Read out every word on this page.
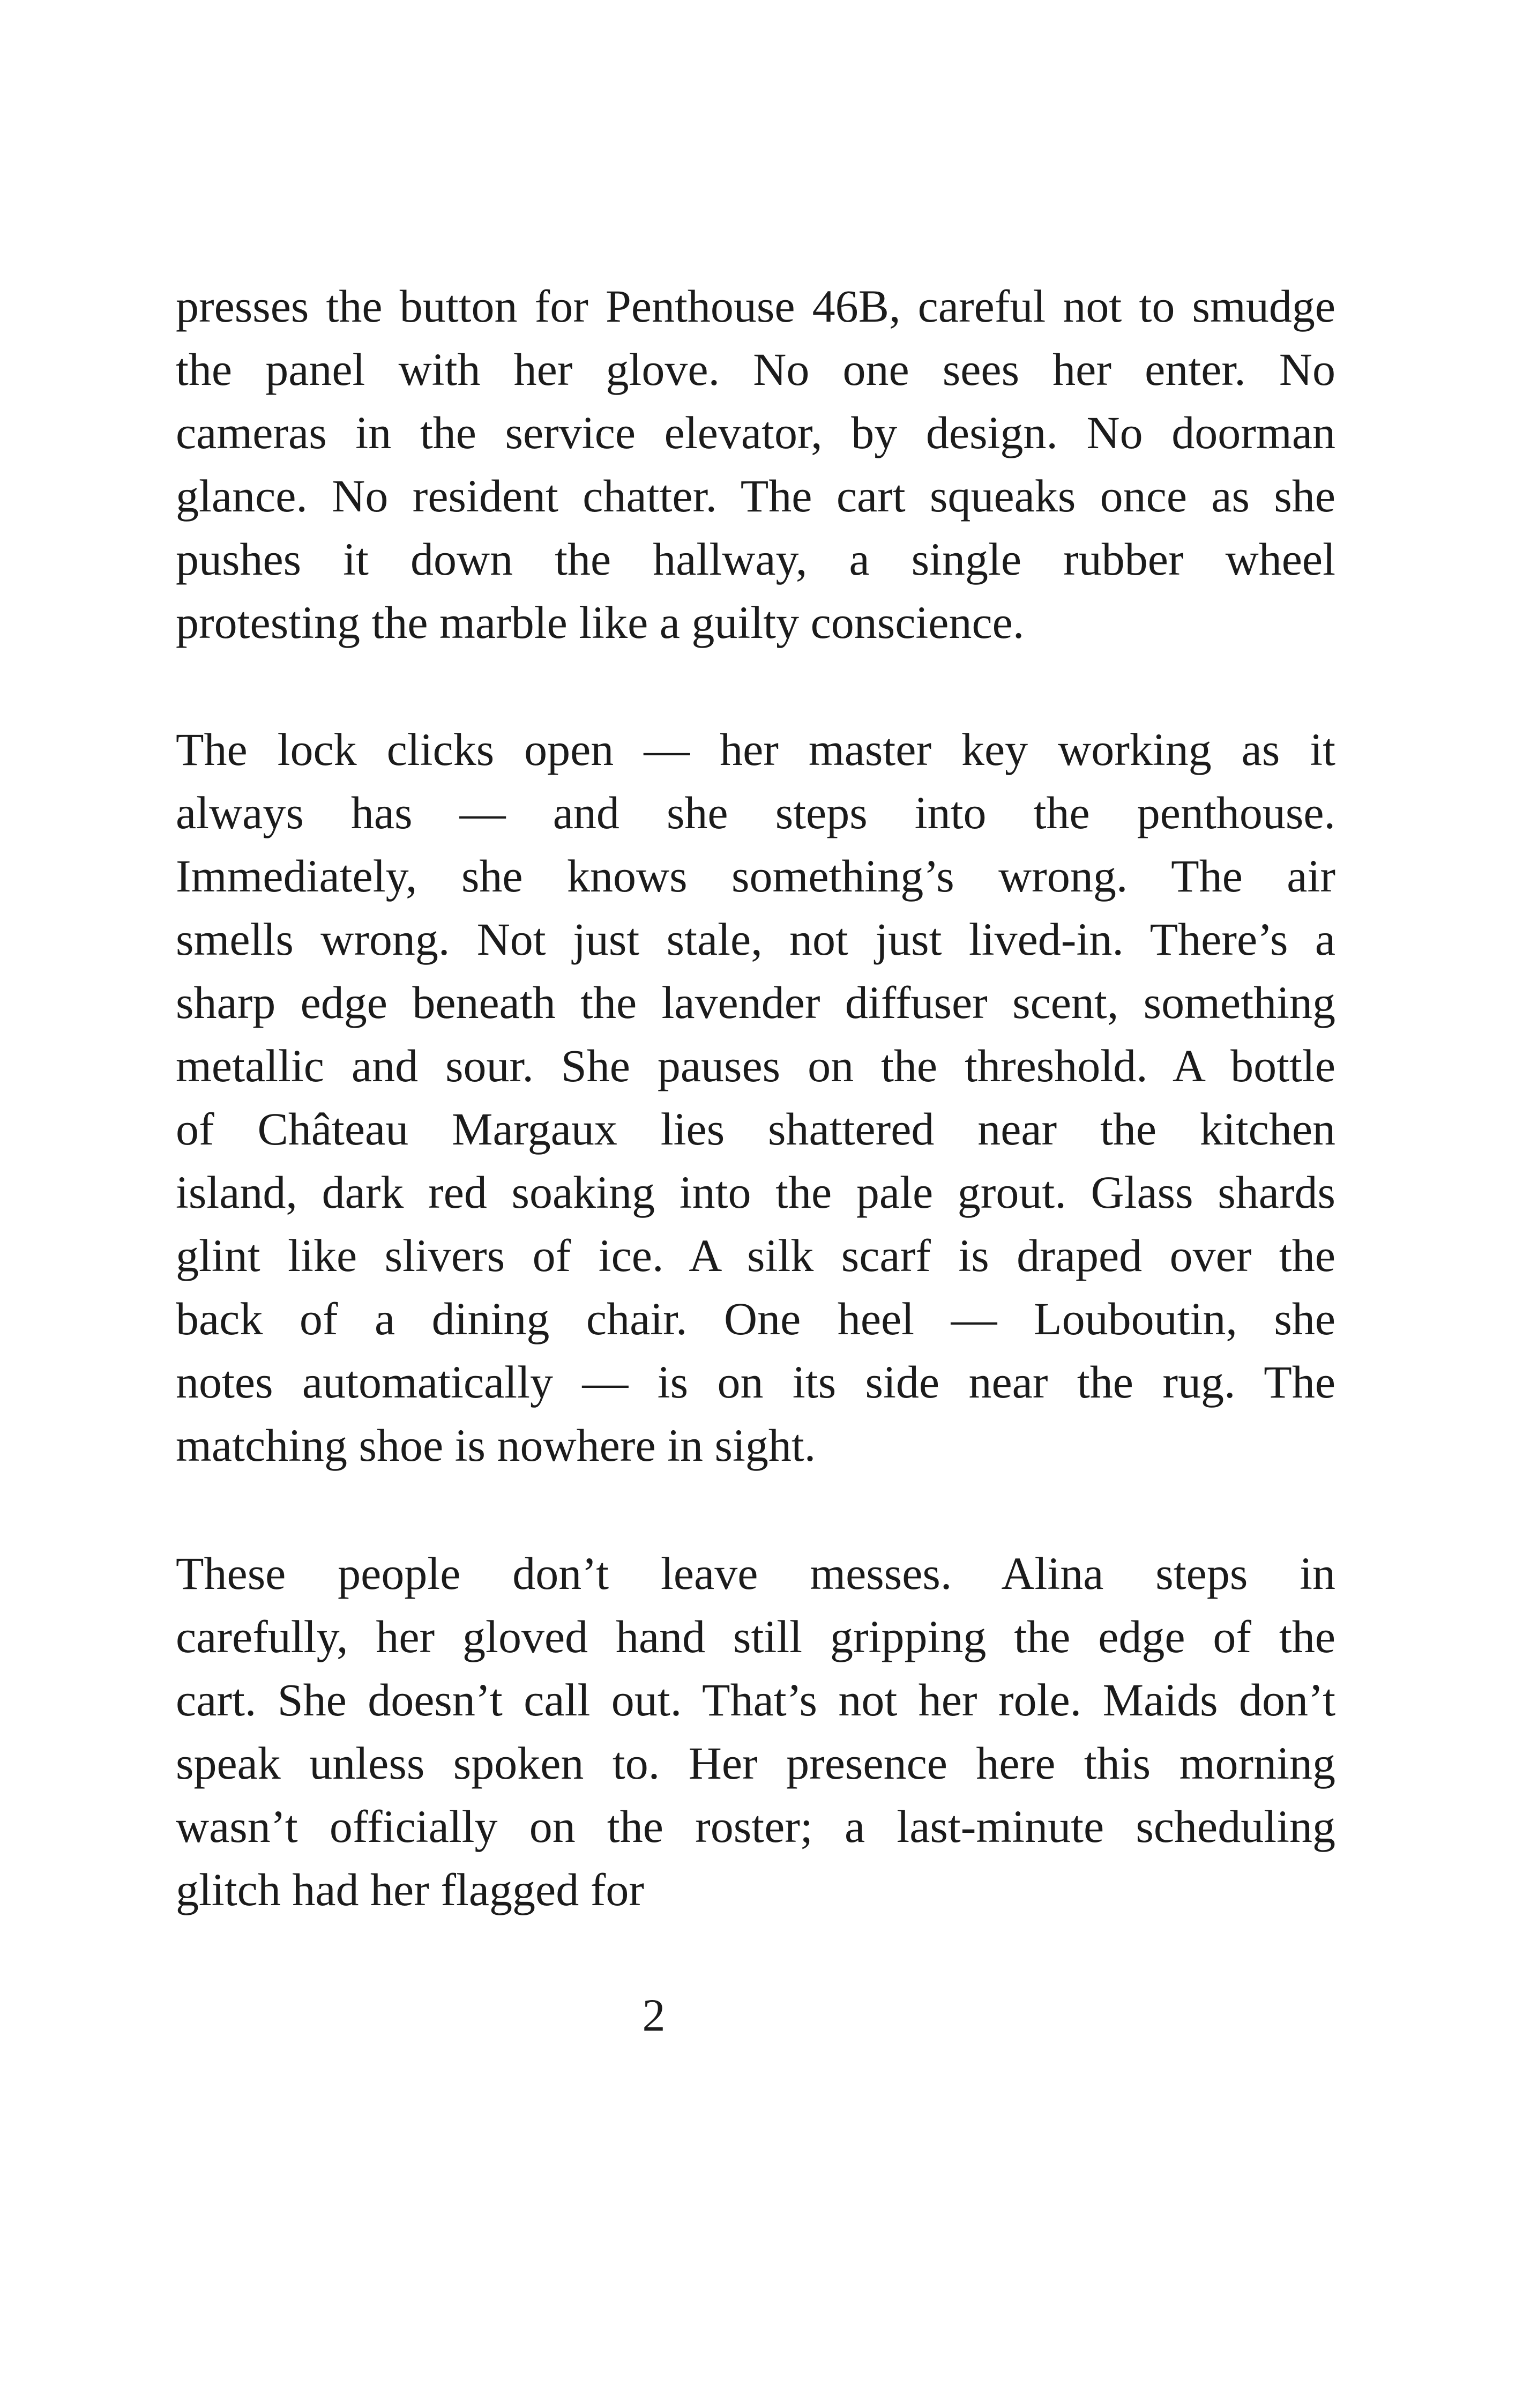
presses the button for Penthouse 46B, careful not to smudge
the panel with her glove. No one sees her enter. No
cameras in the service elevator, by design. No doorman
glance. No resident chatter. The cart squeaks once as she
pushes it down the hallway, a single rubber wheel
protesting the marble like a guilty conscience.
The lock clicks open — her master key working as it
always has — and she steps into the penthouse.
Immediately, she knows something’s wrong. The air
smells wrong. Not just stale, not just lived-in. There’s a
sharp edge beneath the lavender diffuser scent, something
metallic and sour. She pauses on the threshold. A bottle
of Château Margaux lies shattered near the kitchen
island, dark red soaking into the pale grout. Glass shards
glint like slivers of ice. A silk scarf is draped over the
back of a dining chair. One heel — Louboutin, she
notes automatically — is on its side near the rug. The
matching shoe is nowhere in sight.
These people don’t leave messes. Alina steps in
carefully, her gloved hand still gripping the edge of the
cart. She doesn’t call out. That’s not her role. Maids don’t
speak unless spoken to. Her presence here this morning
wasn’t officially on the roster; a last-minute scheduling
glitch had her flagged for
2
